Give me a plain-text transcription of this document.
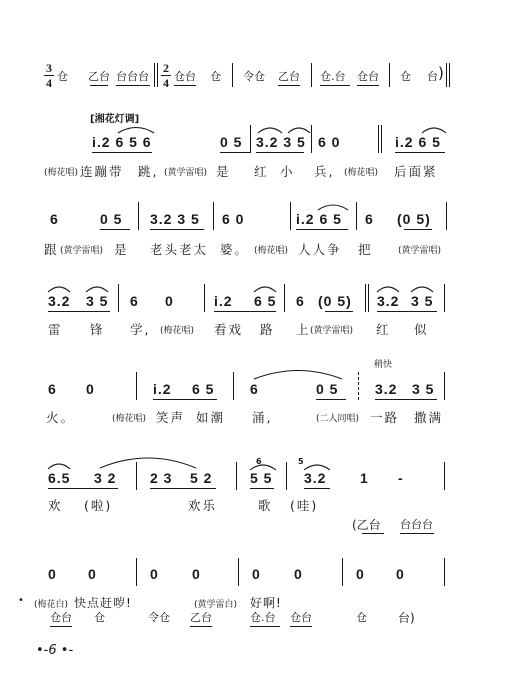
3
4 仓 乙台 台台台
2
4 仓台 仓 令仓 乙台 仓.台 仓台 仓 台 )
[湘花灯调]
i.2 6 5 6	0 5 3.2 3 5 6 0	i.2 6 5
(梅花唱) 连蹦带 跳, (黄学雷唱) 是 红 小 兵, (梅花唱) 后面紧
6	0 5 3.2 3 5 6 0	i.2 6 5 6 (0 5)
跟 (黄学雷唱) 是 老头老太 婆。 (梅花唱) 人人争 把	(黄学雷唱)
3.2 3 5 6 0	i.2 6 5 6 (0 5) 3.2 3 5
雷 锋 学, (梅花唱) 看戏 路 上 (黄学雷唱) 红 似
稍快
6 0	i.2 6 5	6	0 5	3.2 3 5
火。	(梅花唱) 笑声 如潮 涌,	(二人同唱) 一路 撒满
6.5 3 2 2 3 5 2
6
5 5
5
3.2 1 -
欢 (啦)	欢乐	歌 (哇)
(乙台 台台台
0 0	0 0	0 0	0 0
• (梅花白) 快点赶哕!	(黄学雷白) 好啊!
仓台 仓	令仓 乙台	仓.台 仓台	仓	台)
•-6 •-
